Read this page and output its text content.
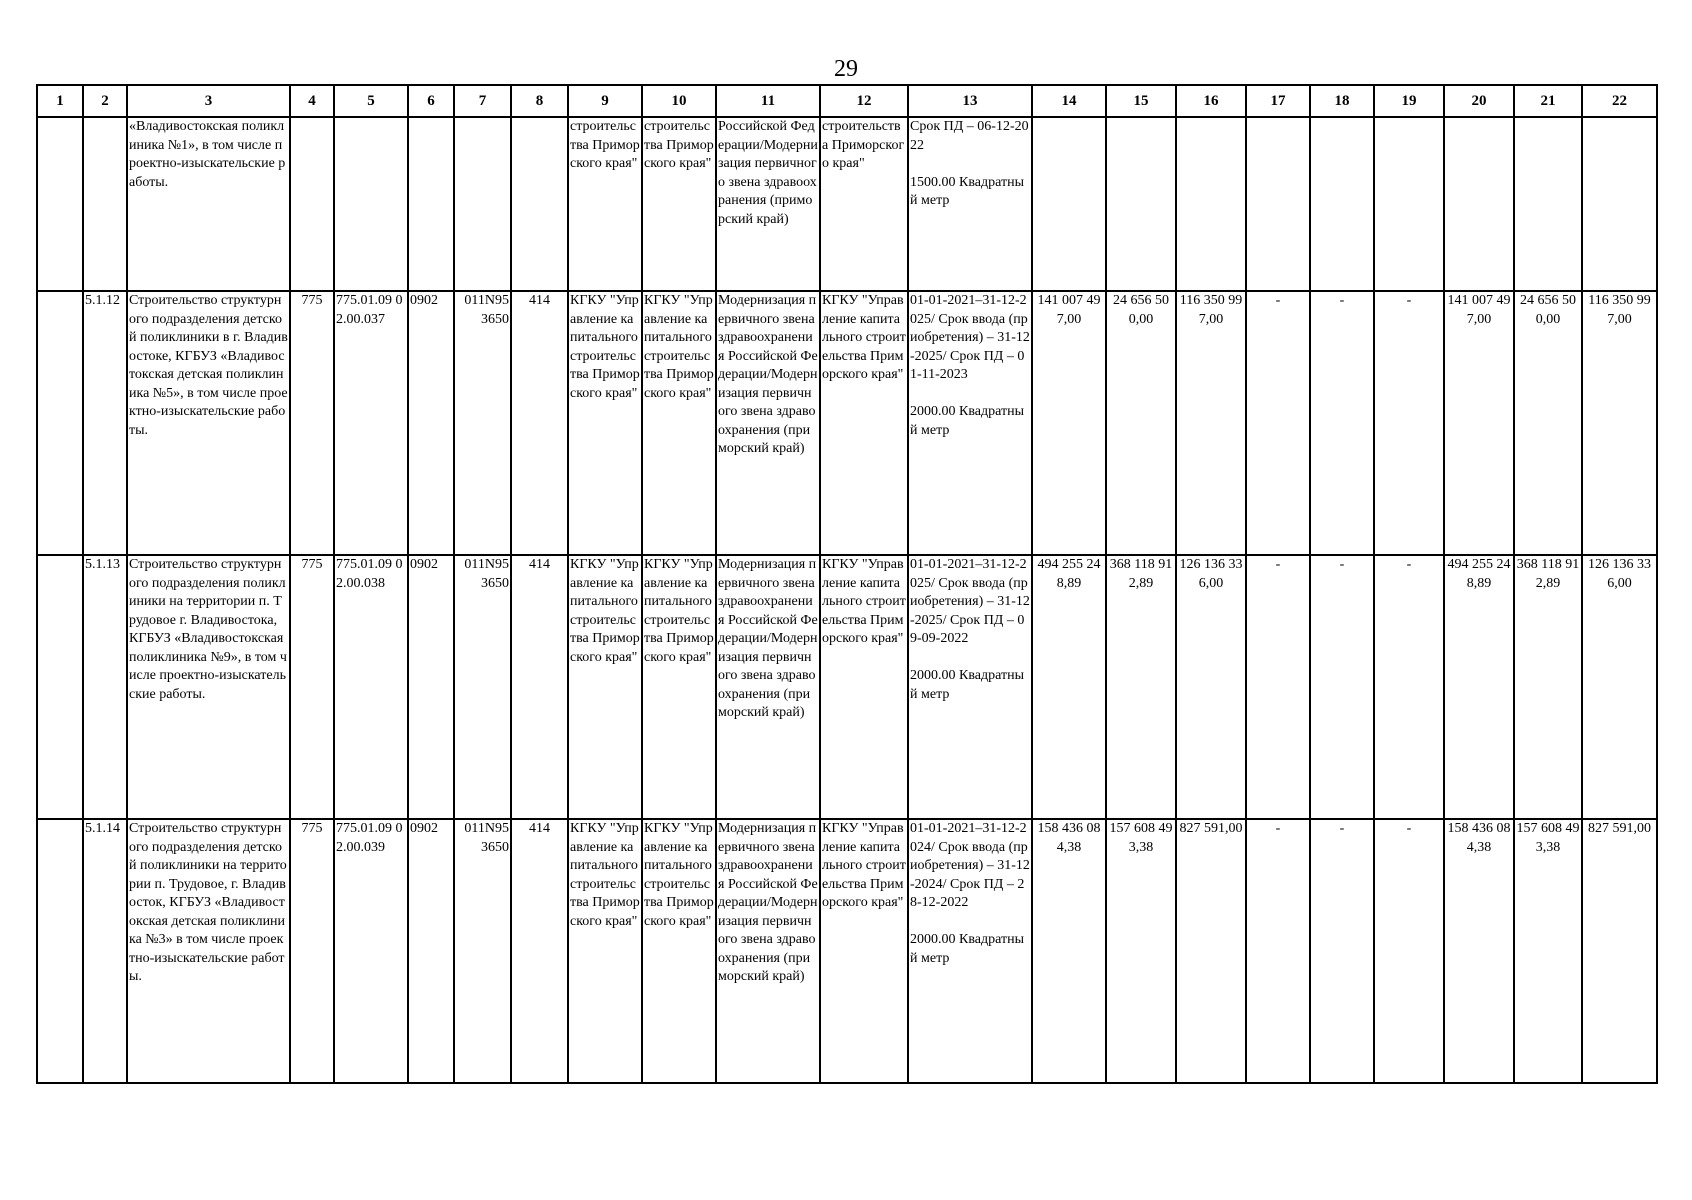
29
1	2	3	4	5	6	7	8	9	10	11	12	13	14	15	16	17	18	19	20	21	22
		«Владивостокская поликлиника №1», в том числе проектно-изыскательские работы.						строительства Приморского края"	строительства Приморского края"	Российской Федерации/Модернизация первичного звена здравоохранения (приморский край)	строительства Приморского края"	Срок ПД – 06-12-2022

1500.00 Квадратный метр									
	5.1.12	Строительство структурного подразделения детской поликлиники в г. Владивостоке, КГБУЗ «Владивостокская детская поликлиника №5», в том числе проектно-изыскательские работы.	775	775.01.09 02.00.037	0902	011N95 3650	414	КГКУ "Управление капитального строительства Приморского края"	КГКУ "Управление капитального строительства Приморского края"	Модернизация первичного звена здравоохранения Российской Федерации/Модернизация первичного звена здравоохранения (приморский край)	КГКУ "Управление капитального строительства Приморского края"	01-01-2021–31-12-2025/ Срок ввода (приобретения) – 31-12-2025/ Срок ПД – 01-11-2023

2000.00 Квадратный метр	141 007 497,00	24 656 500,00	116 350 997,00	-	-	-	141 007 497,00	24 656 500,00	116 350 997,00
	5.1.13	Строительство структурного подразделения поликлиники на территории п. Трудовое г. Владивостока, КГБУЗ «Владивостокская поликлиника №9», в том числе проектно-изыскательские работы.	775	775.01.09 02.00.038	0902	011N95 3650	414	КГКУ "Управление капитального строительства Приморского края"	КГКУ "Управление капитального строительства Приморского края"	Модернизация первичного звена здравоохранения Российской Федерации/Модернизация первичного звена здравоохранения (приморский край)	КГКУ "Управление капитального строительства Приморского края"	01-01-2021–31-12-2025/ Срок ввода (приобретения) – 31-12-2025/ Срок ПД – 09-09-2022

2000.00 Квадратный метр	494 255 248,89	368 118 912,89	126 136 336,00	-	-	-	494 255 248,89	368 118 912,89	126 136 336,00
	5.1.14	Строительство структурного подразделения детской поликлиники на территории п. Трудовое, г. Владивосток, КГБУЗ «Владивостокская детская поликлиника №3» в том числе проектно-изыскательские работы.	775	775.01.09 02.00.039	0902	011N95 3650	414	КГКУ "Управление капитального строительства Приморского края"	КГКУ "Управление капитального строительства Приморского края"	Модернизация первичного звена здравоохранения Российской Федерации/Модернизация первичного звена здравоохранения (приморский край)	КГКУ "Управление капитального строительства Приморского края"	01-01-2021–31-12-2024/ Срок ввода (приобретения) – 31-12-2024/ Срок ПД – 28-12-2022

2000.00 Квадратный метр	158 436 084,38	157 608 493,38	827 591,00	-	-	-	158 436 084,38	157 608 493,38	827 591,00
